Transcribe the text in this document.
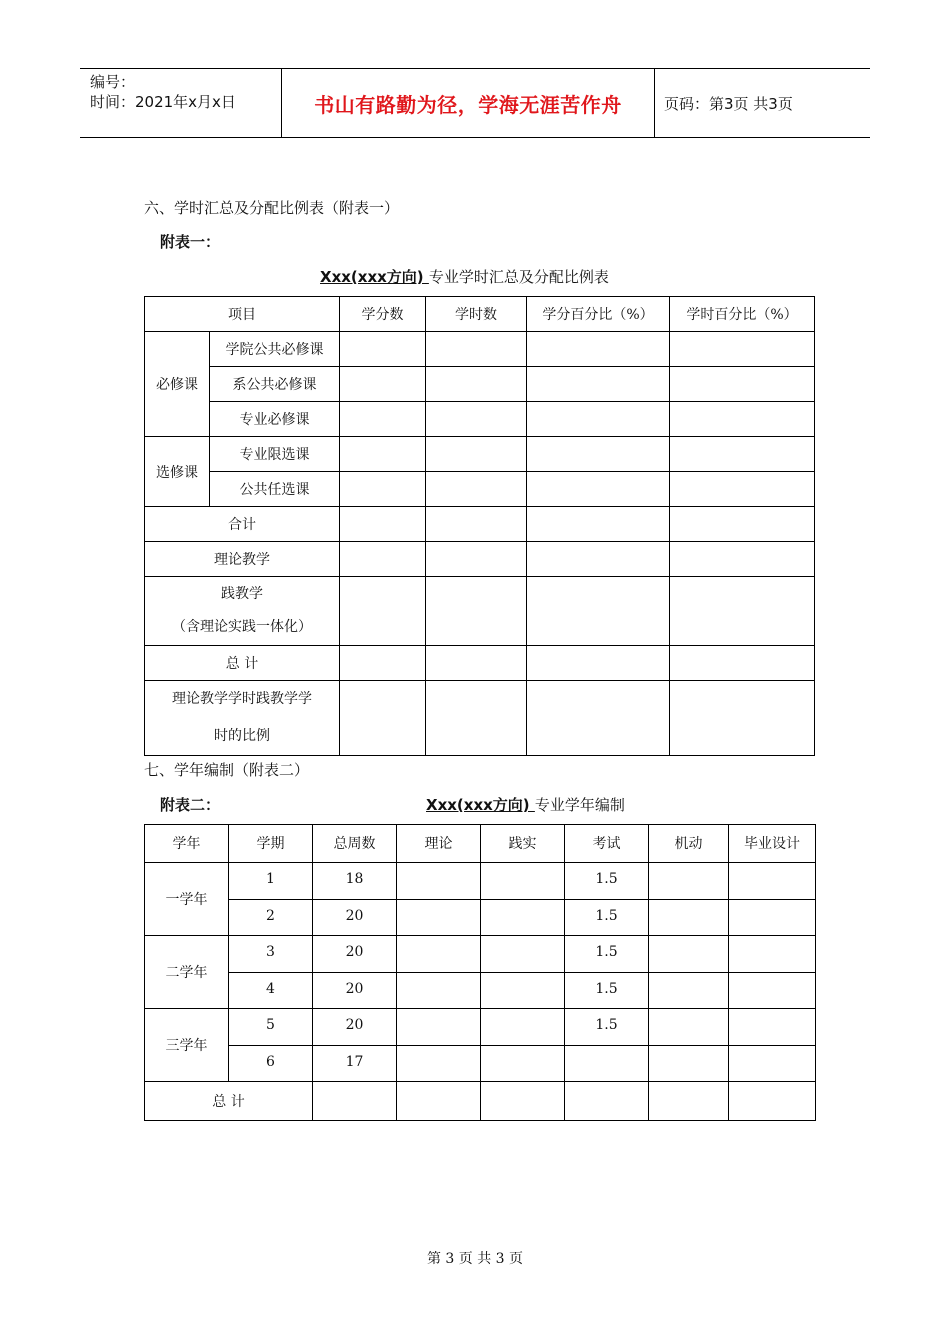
编号：
时间：2021年x月x日	书山有路勤为径，学海无涯苦作舟	页码：第3页 共3页
六、学时汇总及分配比例表（附表一）
附表一：
Xxx(xxx方向) 专业学时汇总及分配比例表
项目		学分数	学时数	学分百分比（%）	学时百分比（%）
必修课	学院公共必修课				
	系公共必修课				
	专业必修课				
选修课	专业限选课				
	公共任选课				
合计					
理论教学					

践教学
（含理论实践一体化）					

总 计					

理论教学学时践教学学
时的比例					

七、学年编制（附表二）
附表二：	Xxx(xxx方向) 专业学年编制
学年	学期	总周数	理论	践实	考试	机动	毕业设计
一学年	1	18			1.5		
	2	20			1.5		
二学年	3	20			1.5		
	4	20			1.5		
三学年	5	20			1.5		
	6	17					
总 计							
第 3 页 共 3 页
